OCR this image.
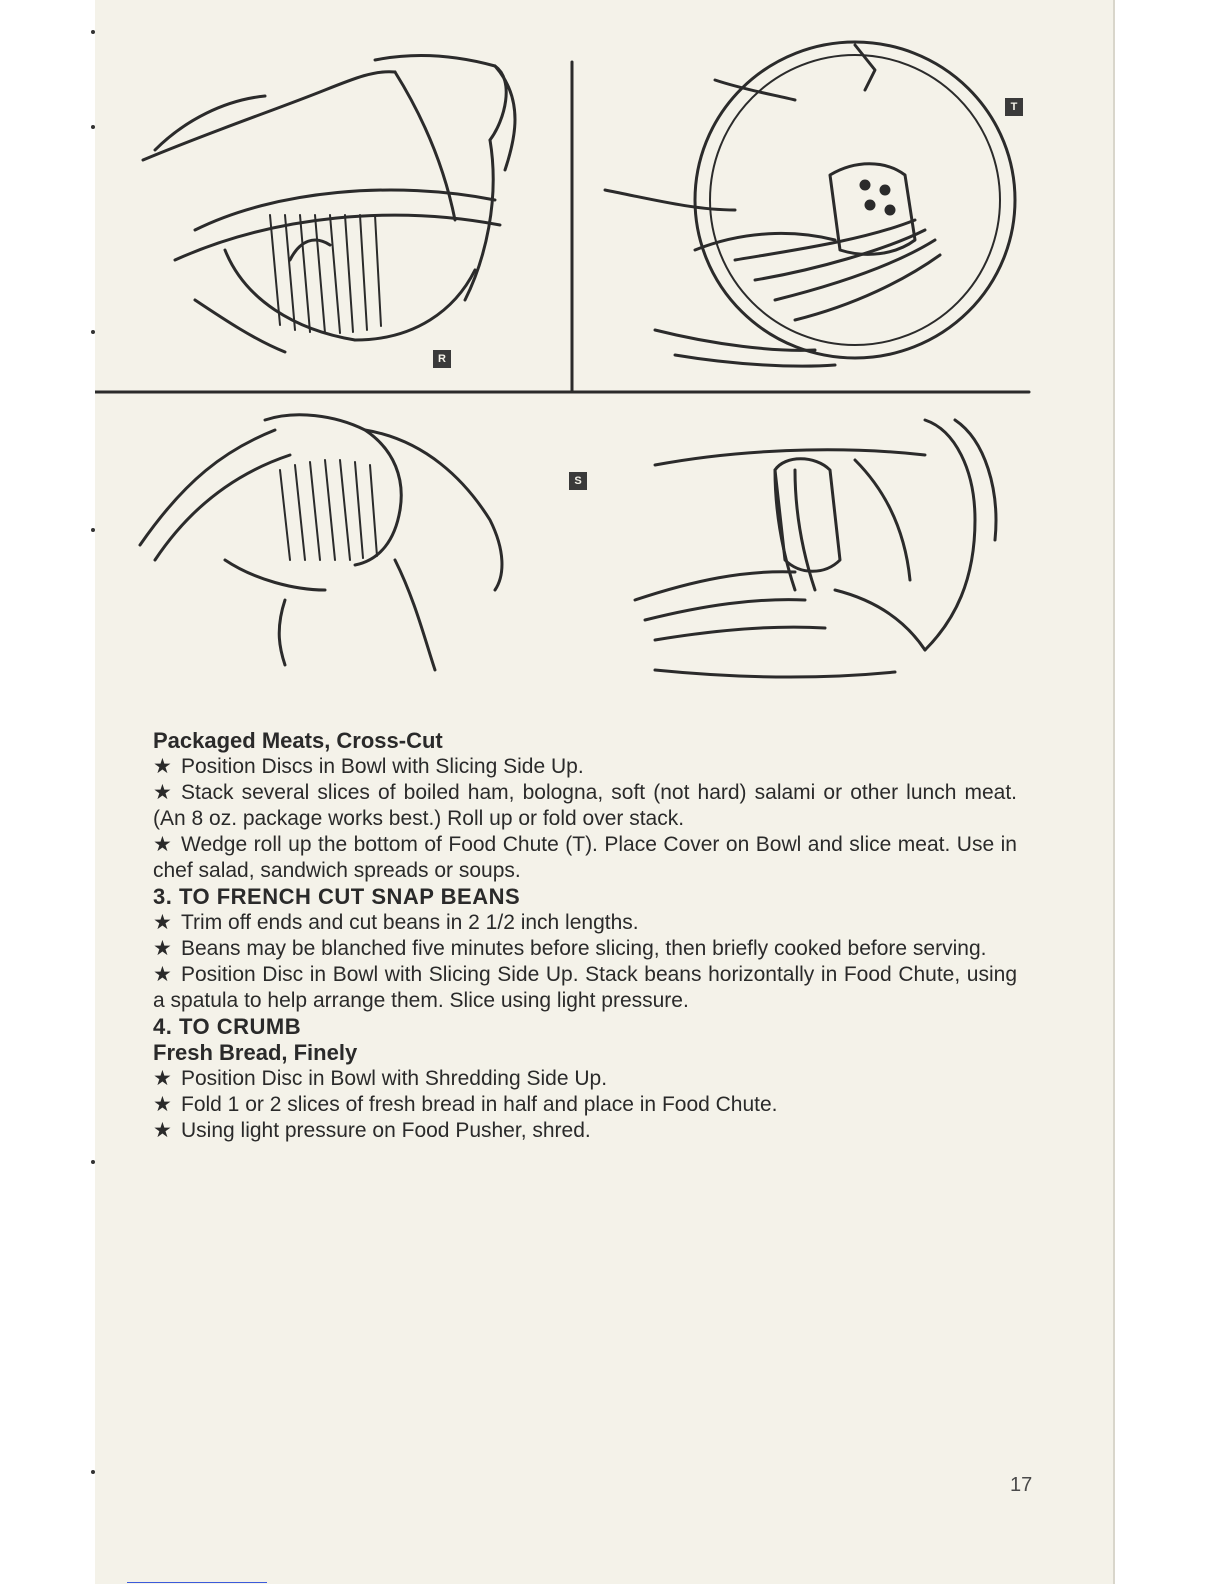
R
T
S

Packaged Meats, Cross-Cut

★ Position Discs in Bowl with Slicing Side Up.

★ Stack several slices of boiled ham, bologna, soft (not hard) salami or other lunch meat. (An 8 oz. package works best.) Roll up or fold over stack.

★ Wedge roll up the bottom of Food Chute (T). Place Cover on Bowl and slice meat. Use in chef salad, sandwich spreads or soups.

3. TO FRENCH CUT SNAP BEANS

★ Trim off ends and cut beans in 2 1/2 inch lengths.

★ Beans may be blanched five minutes before slicing, then briefly cooked before serving.

★ Position Disc in Bowl with Slicing Side Up. Stack beans horizontally in Food Chute, using a spatula to help arrange them. Slice using light pressure.

4. TO CRUMB

Fresh Bread, Finely

★ Position Disc in Bowl with Shredding Side Up.

★ Fold 1 or 2 slices of fresh bread in half and place in Food Chute.

★ Using light pressure on Food Pusher, shred.

17
